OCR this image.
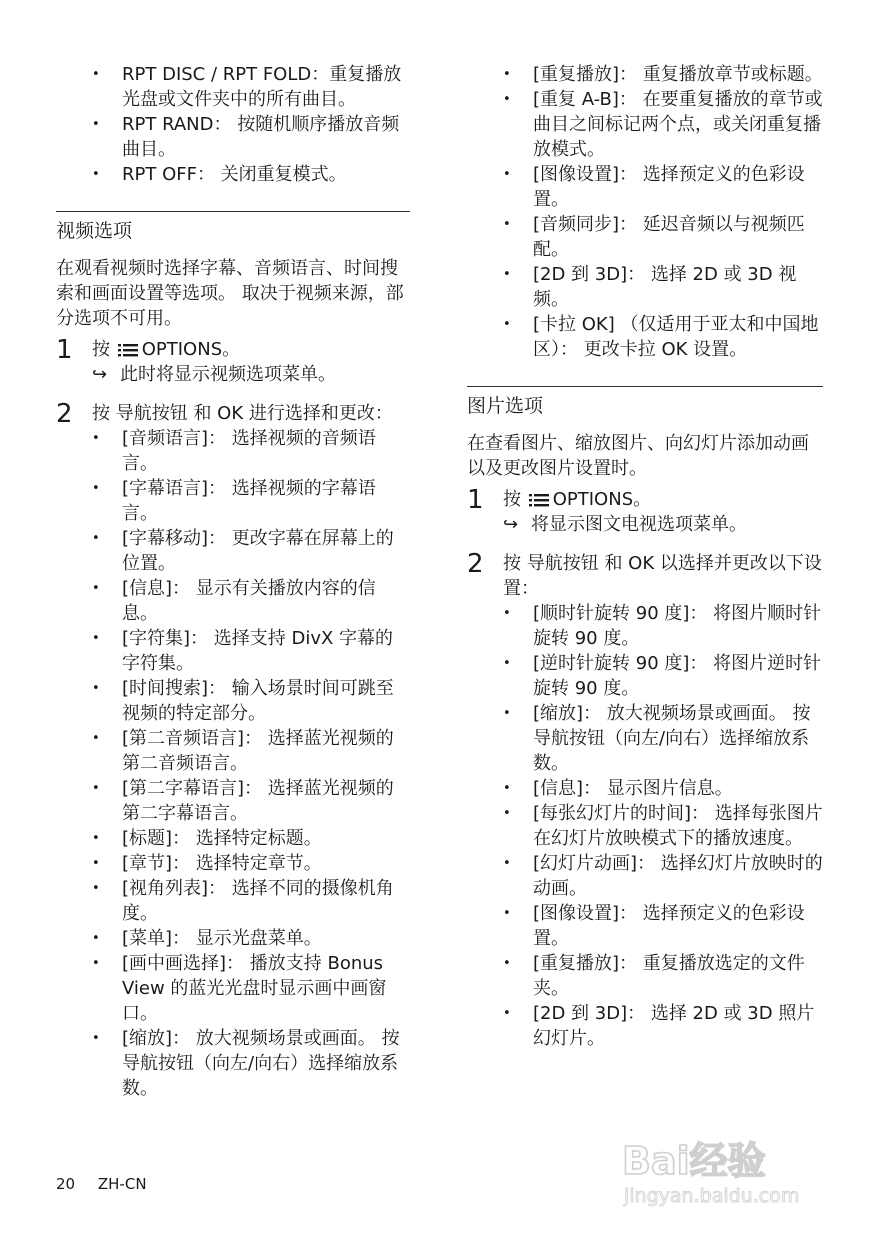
• RPT DISC / RPT FOLD：重复播放光盘或文件夹中的所有曲目。
• RPT RAND： 按随机顺序播放音频曲目。
• RPT OFF： 关闭重复模式。
视频选项
在观看视频时选择字幕、音频语言、时间搜索和画面设置等选项。 取决于视频来源，部分选项不可用。
1 按 OPTIONS。
↪ 此时将显示视频选项菜单。
2 按 导航按钮 和 OK 进行选择和更改：
• [音频语言]： 选择视频的音频语言。
• [字幕语言]： 选择视频的字幕语言。
• [字幕移动]： 更改字幕在屏幕上的位置。
• [信息]： 显示有关播放内容的信息。
• [字符集]： 选择支持 DivX 字幕的字符集。
• [时间搜索]： 输入场景时间可跳至视频的特定部分。
• [第二音频语言]： 选择蓝光视频的第二音频语言。
• [第二字幕语言]： 选择蓝光视频的第二字幕语言。
• [标题]： 选择特定标题。
• [章节]： 选择特定章节。
• [视角列表]： 选择不同的摄像机角度。
• [菜单]： 显示光盘菜单。
• [画中画选择]： 播放支持 Bonus View 的蓝光光盘时显示画中画窗口。
• [缩放]： 放大视频场景或画面。 按 导航按钮（向左/向右）选择缩放系数。
• [重复播放]： 重复播放章节或标题。
• [重复 A-B]： 在要重复播放的章节或曲目之间标记两个点，或关闭重复播放模式。
• [图像设置]： 选择预定义的色彩设置。
• [音频同步]： 延迟音频以与视频匹配。
• [2D 到 3D]： 选择 2D 或 3D 视频。
• [卡拉 OK] （仅适用于亚太和中国地区）： 更改卡拉 OK 设置。
图片选项
在查看图片、缩放图片、向幻灯片添加动画以及更改图片设置时。
1 按 OPTIONS。
↪ 将显示图文电视选项菜单。
2 按 导航按钮 和 OK 以选择并更改以下设置：
• [顺时针旋转 90 度]： 将图片顺时针旋转 90 度。
• [逆时针旋转 90 度]： 将图片逆时针旋转 90 度。
• [缩放]： 放大视频场景或画面。 按 导航按钮（向左/向右）选择缩放系数。
• [信息]： 显示图片信息。
• [每张幻灯片的时间]： 选择每张图片在幻灯片放映模式下的播放速度。
• [幻灯片动画]： 选择幻灯片放映时的动画。
• [图像设置]： 选择预定义的色彩设置。
• [重复播放]： 重复播放选定的文件夹。
• [2D 到 3D]： 选择 2D 或 3D 照片幻灯片。
20 ZH-CN
Bai经验
jingyan.baidu.com
